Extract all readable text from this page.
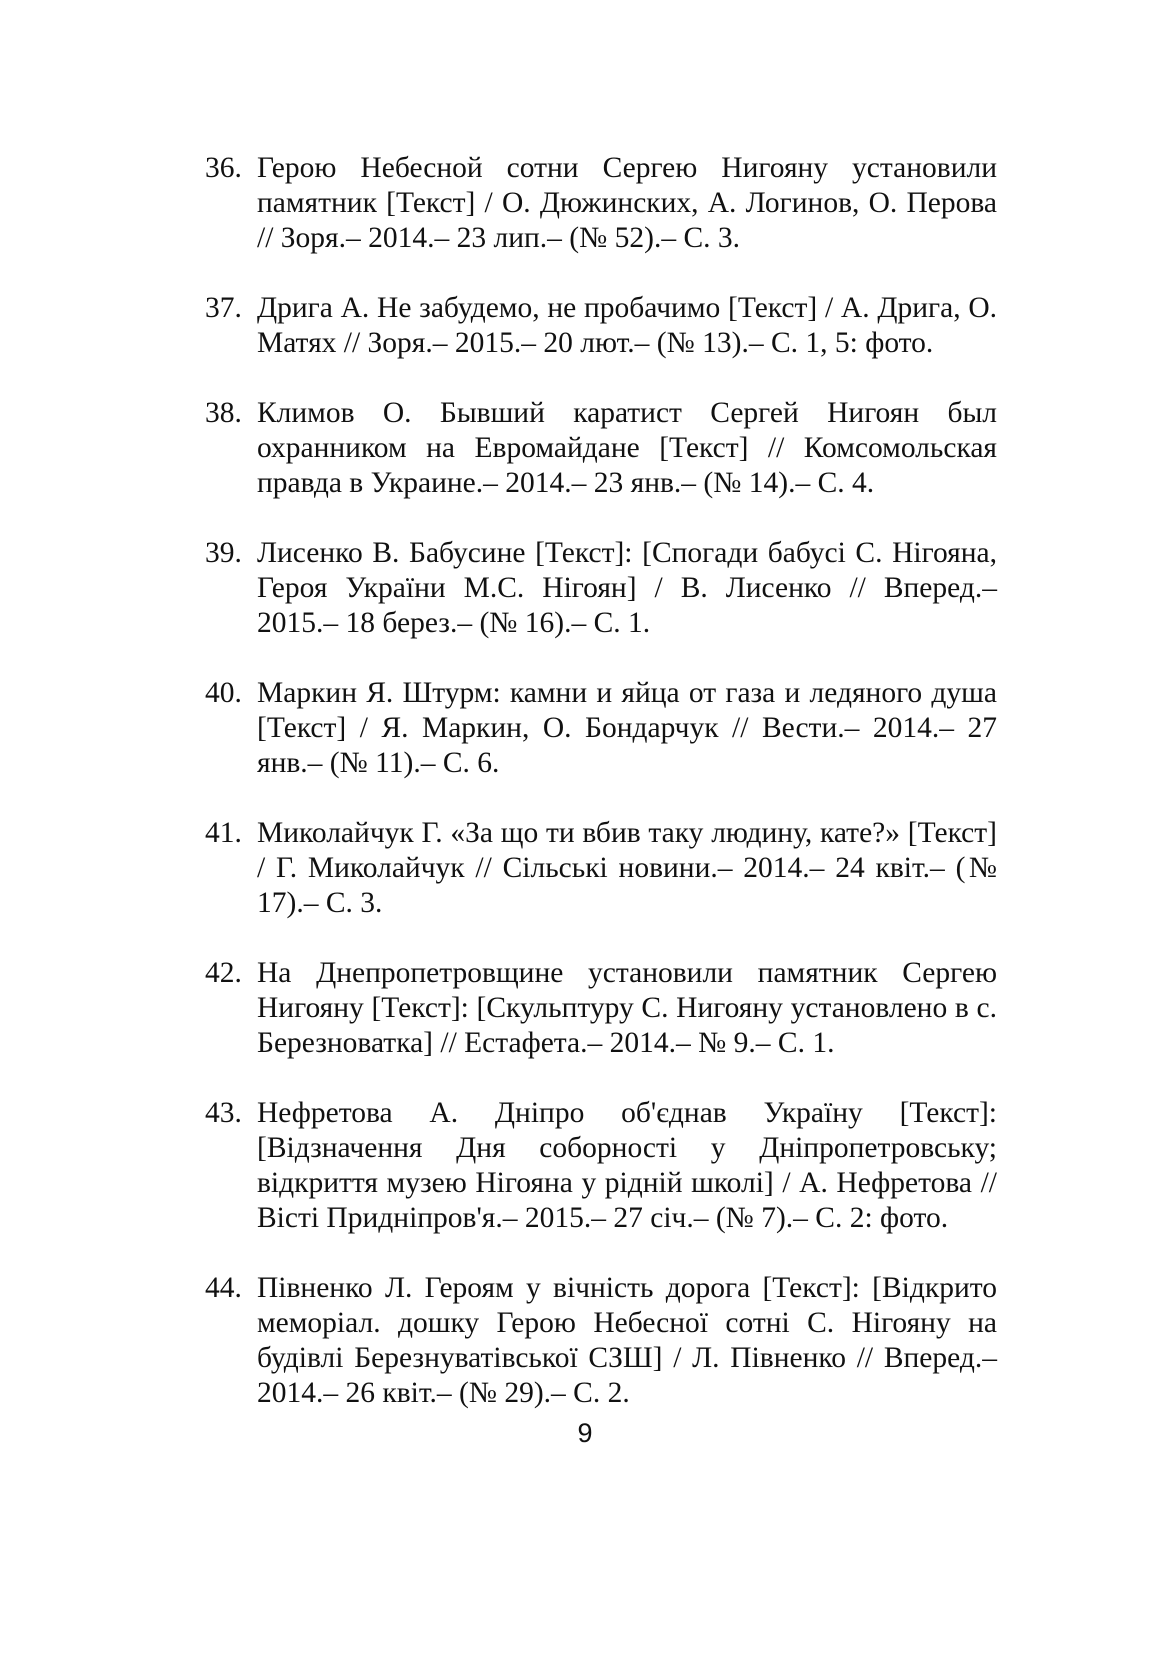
36. Герою Небесной сотни Сергею Нигояну установили памятник [Текст] / О. Дюжинских, А. Логинов, О. Перова // Зоря.– 2014.– 23 лип.– (№ 52).– С. 3.
37. Дрига А. Не забудемо, не пробачимо [Текст] / А. Дрига, О. Матях // Зоря.– 2015.– 20 лют.– (№ 13).– С. 1, 5: фото.
38. Климов О. Бывший каратист Сергей Нигоян был охранником на Евромайдане [Текст] // Комсомольская правда в Украине.– 2014.– 23 янв.– (№ 14).– С. 4.
39. Лисенко В. Бабусине [Текст]: [Спогади бабусі С. Нігояна, Героя України М.С. Нігоян] / В. Лисенко // Вперед.– 2015.– 18 берез.– (№ 16).– С. 1.
40. Маркин Я. Штурм: камни и яйца от газа и ледяного душа [Текст] / Я. Маркин, О. Бондарчук // Вести.– 2014.– 27 янв.– (№ 11).– С. 6.
41. Миколайчук Г. «За що ти вбив таку людину, кате?» [Текст] / Г. Миколайчук // Сільські новини.– 2014.– 24 квіт.– (№ 17).– С. 3.
42. На Днепропетровщине установили памятник Сергею Нигояну [Текст]: [Скульптуру С. Нигояну установлено в с. Березноватка] // Естафета.– 2014.– № 9.– С. 1.
43. Нефретова А. Дніпро об'єднав Україну [Текст]: [Відзначення Дня соборності у Дніпропетровську; відкриття музею Нігояна у рідній школі] / А. Нефретова // Вісті Придніпров'я.– 2015.– 27 січ.– (№ 7).– С. 2: фото.
44. Півненко Л. Героям у вічність дорога [Текст]: [Відкрито меморіал. дошку Герою Небесної сотні С. Нігояну на будівлі Березнуватівської СЗШ] / Л. Півненко // Вперед.– 2014.– 26 квіт.– (№ 29).– С. 2.
9
